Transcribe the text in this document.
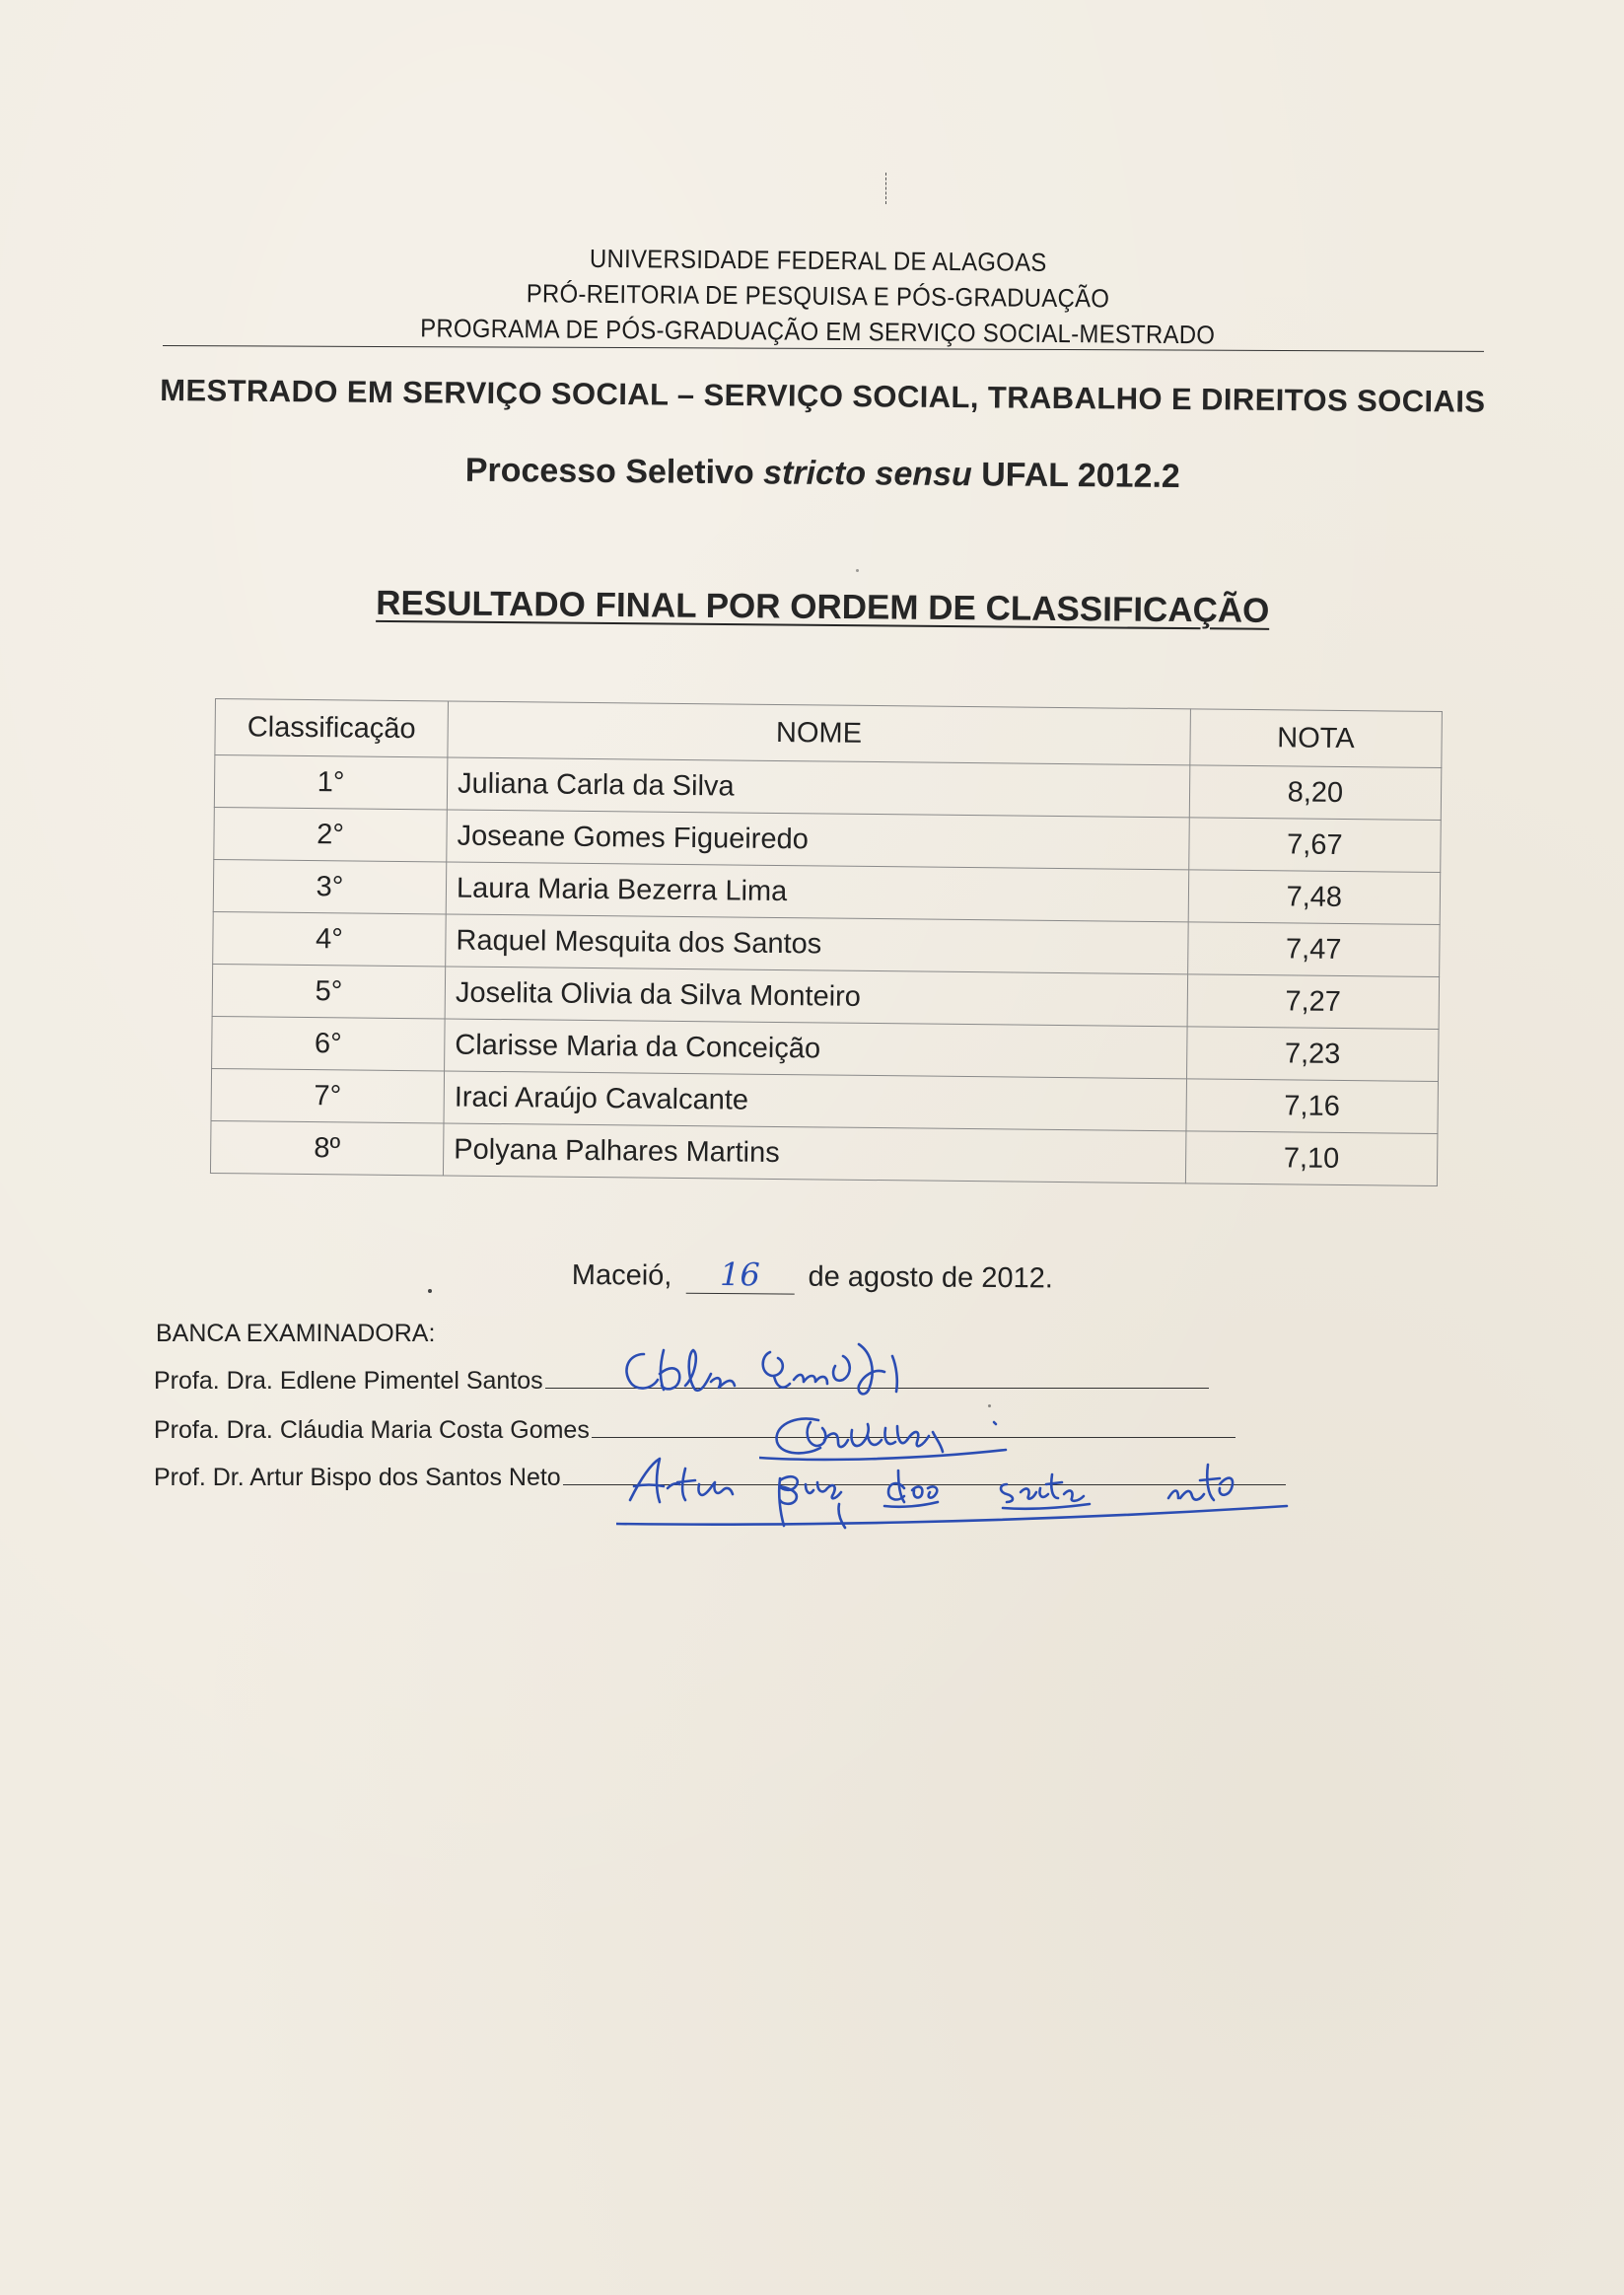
UNIVERSIDADE FEDERAL DE ALAGOAS
PRÓ-REITORIA DE PESQUISA E PÓS-GRADUAÇÃO
PROGRAMA DE PÓS-GRADUAÇÃO EM SERVIÇO SOCIAL-MESTRADO
MESTRADO EM SERVIÇO SOCIAL – SERVIÇO SOCIAL, TRABALHO E DIREITOS SOCIAIS
Processo Seletivo stricto sensu UFAL 2012.2
RESULTADO FINAL POR ORDEM DE CLASSIFICAÇÃO
Classificação	NOME	NOTA
1°	Juliana Carla da Silva	8,20
2°	Joseane Gomes Figueiredo	7,67
3°	Laura Maria Bezerra Lima	7,48
4°	Raquel Mesquita dos Santos	7,47
5°	Joselita Olivia da Silva Monteiro	7,27
6°	Clarisse Maria da Conceição	7,23
7°	Iraci Araújo Cavalcante	7,16
8º	Polyana Palhares Martins	7,10
Maceió, 16 de agosto de 2012.
BANCA EXAMINADORA:
Profa. Dra. Edlene Pimentel Santos
Profa. Dra. Cláudia Maria Costa Gomes
Prof. Dr. Artur Bispo dos Santos Neto
